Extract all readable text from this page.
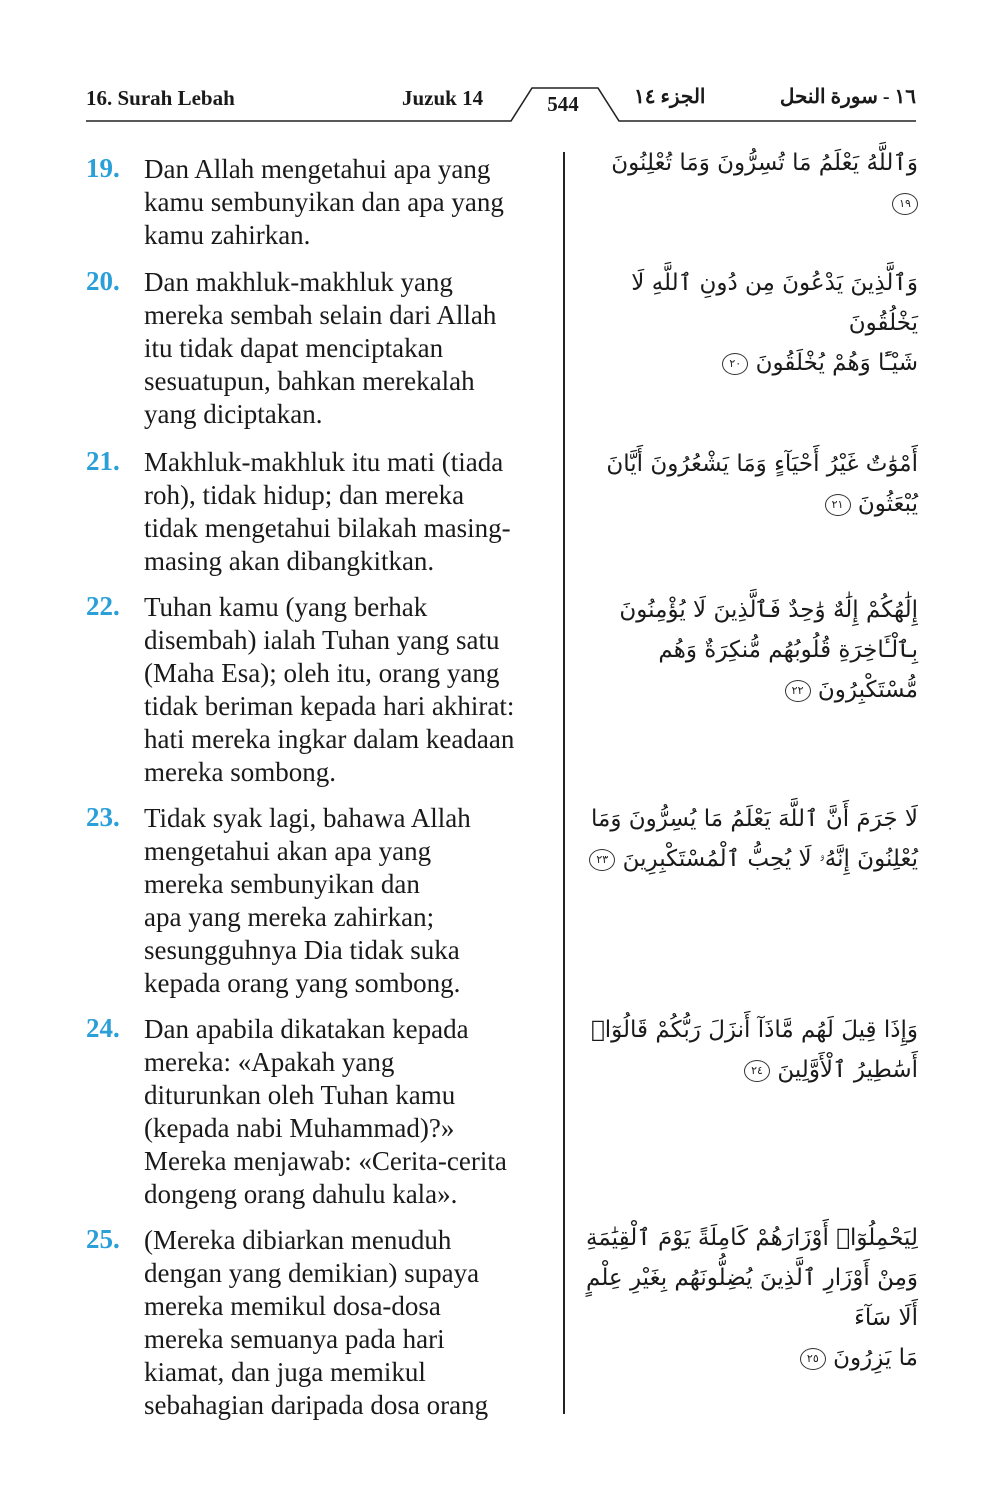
16. Surah Lebah	Juzuk 14	544	الجزء ١٤	١٦ - سورة النحل
19. Dan Allah mengetahui apa yang
kamu sembunyikan dan apa yang
kamu zahirkan.
وَٱللَّهُ يَعْلَمُ مَا تُسِرُّونَ وَمَا تُعْلِنُونَ ١٩
20. Dan makhluk-makhluk yang
mereka sembah selain dari Allah
itu tidak dapat menciptakan
sesuatupun, bahkan merekalah
yang diciptakan.
وَٱلَّذِينَ يَدْعُونَ مِن دُونِ ٱللَّهِ لَا يَخْلُقُونَ
شَيْـًٔا وَهُمْ يُخْلَقُونَ ٢٠
21. Makhluk-makhluk itu mati (tiada
roh), tidak hidup; dan mereka
tidak mengetahui bilakah masing-
masing akan dibangkitkan.
أَمْوَٰتٌ غَيْرُ أَحْيَآءٍ وَمَا يَشْعُرُونَ أَيَّانَ
يُبْعَثُونَ ٢١
22. Tuhan kamu (yang berhak
disembah) ialah Tuhan yang satu
(Maha Esa); oleh itu, orang yang
tidak beriman kepada hari akhirat:
hati mereka ingkar dalam keadaan
mereka sombong.
إِلَٰهُكُمْ إِلَٰهٌ وَٰحِدٌ فَٱلَّذِينَ لَا يُؤْمِنُونَ
بِٱلْـَٔاخِرَةِ قُلُوبُهُم مُّنكِرَةٌ وَهُم
مُّسْتَكْبِرُونَ ٢٢
23. Tidak syak lagi, bahawa Allah
mengetahui akan apa yang
mereka sembunyikan dan
apa yang mereka zahirkan;
sesungguhnya Dia tidak suka
kepada orang yang sombong.
لَا جَرَمَ أَنَّ ٱللَّهَ يَعْلَمُ مَا يُسِرُّونَ وَمَا
يُعْلِنُونَ إِنَّهُۥ لَا يُحِبُّ ٱلْمُسْتَكْبِرِينَ ٢٣
24. Dan apabila dikatakan kepada
mereka: «Apakah yang
diturunkan oleh Tuhan kamu
(kepada nabi Muhammad)?»
Mereka menjawab: «Cerita-cerita
dongeng orang dahulu kala».
وَإِذَا قِيلَ لَهُم مَّاذَآ أَنزَلَ رَبُّكُمْ قَالُوٓا۟
أَسَٰطِيرُ ٱلْأَوَّلِينَ ٢٤
25. (Mereka dibiarkan menuduh
dengan yang demikian) supaya
mereka memikul dosa-dosa
mereka semuanya pada hari
kiamat, dan juga memikul
sebahagian daripada dosa orang
لِيَحْمِلُوٓا۟ أَوْزَارَهُمْ كَامِلَةً يَوْمَ ٱلْقِيَٰمَةِ
وَمِنْ أَوْزَارِ ٱلَّذِينَ يُضِلُّونَهُم بِغَيْرِ عِلْمٍ أَلَا سَآءَ
مَا يَزِرُونَ ٢٥
